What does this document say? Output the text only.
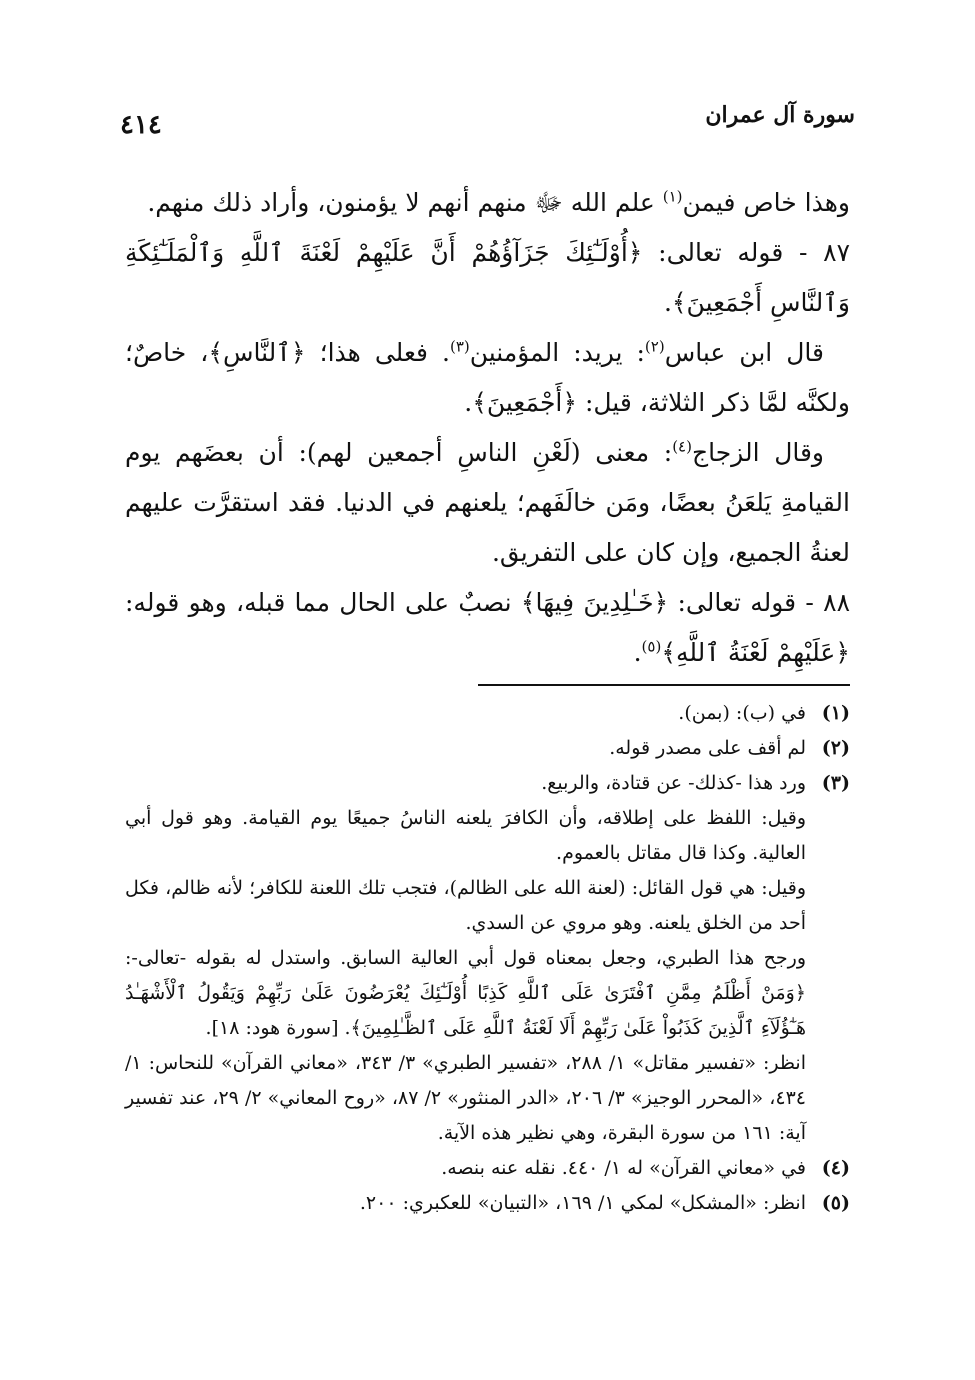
سورة آل عمران
٤١٤

وهذا خاص فيمن$^{(١)}$ علم الله ﷻ منهم أنهم لا يؤمنون، وأراد ذلك منهم.

٨٧ - قوله تعالى: ﴿أُوْلَـٰٓئِكَ جَزَآؤُهُمْ أَنَّ عَلَيْهِمْ لَعْنَةَ ٱللَّهِ وَٱلْمَلَـٰٓئِكَةِ وَٱلنَّاسِ أَجْمَعِينَ﴾.

قال ابن عباس$^{(٢)}$: يريد: المؤمنين$^{(٣)}$. فعلى هذا؛ ﴿ٱلنَّاسِ﴾، خاصٌ؛ ولكنَّه لمَّا ذكر الثلاثة، قيل: ﴿أَجْمَعِينَ﴾.

وقال الزجاج$^{(٤)}$: معنى (لَعْنِ الناسِ أجمعين لهم): أن بعضَهم يوم القيامةِ يَلعَنُ بعضًا، ومَن خالَفَهم؛ يلعنهم في الدنيا. فقد استقرَّت عليهم لعنةُ الجميع، وإن كان على التفريق.

٨٨ - قوله تعالى: ﴿خَـٰلِدِينَ فِيهَا﴾ نصبٌ على الحال مما قبله، وهو قوله: ﴿عَلَيْهِمْ لَعْنَةُ ٱللَّهِ﴾$^{(٥)}$.

(١)

في (ب): (بمن).

(٢)

لم أقف على مصدر قوله.

(٣)

ورد هذا -كذلك- عن قتادة، والربيع.

وقيل: اللفظ على إطلاقه، وأن الكافرَ يلعنه الناسُ جميعًا يوم القيامة. وهو قول أبي العالية. وكذا قال مقاتل بالعموم.

وقيل: هي قول القائل: (لعنة الله على الظالم)، فتجب تلك اللعنة للكافر؛ لأنه ظالم، فكل أحد من الخلق يلعنه. وهو مروي عن السدي.

ورجح هذا الطبري، وجعل بمعناه قول أبي العالية السابق. واستدل له بقوله -تعالى-: ﴿وَمَنْ أَظْلَمُ مِمَّنِ ٱفْتَرَىٰ عَلَى ٱللَّهِ كَذِبًا أُوْلَـٰٓئِكَ يُعْرَضُونَ عَلَىٰ رَبِّهِمْ وَيَقُولُ ٱلْأَشْهَـٰدُ هَـٰٓؤُلَآءِ ٱلَّذِينَ كَذَبُواْ عَلَىٰ رَبِّهِمْ أَلَا لَعْنَةُ ٱللَّهِ عَلَى ٱلظَّـٰلِمِينَ﴾. [سورة هود: ١٨].

انظر: «تفسير مقاتل» ١/ ٢٨٨، «تفسير الطبري» ٣/ ٣٤٣، «معاني القرآن» للنحاس: ١/ ٤٣٤، «المحرر الوجيز» ٣/ ٢٠٦، «الدر المنثور» ٢/ ٨٧، «روح المعاني» ٢/ ٢٩، عند تفسير آية: ١٦١ من سورة البقرة، وهي نظير هذه الآية.

(٤)

في «معاني القرآن» له ١/ ٤٤٠. نقله عنه بنصه.

(٥)

انظر: «المشكل» لمكي ١/ ١٦٩، «التبيان» للعكبري: ٢٠٠.
